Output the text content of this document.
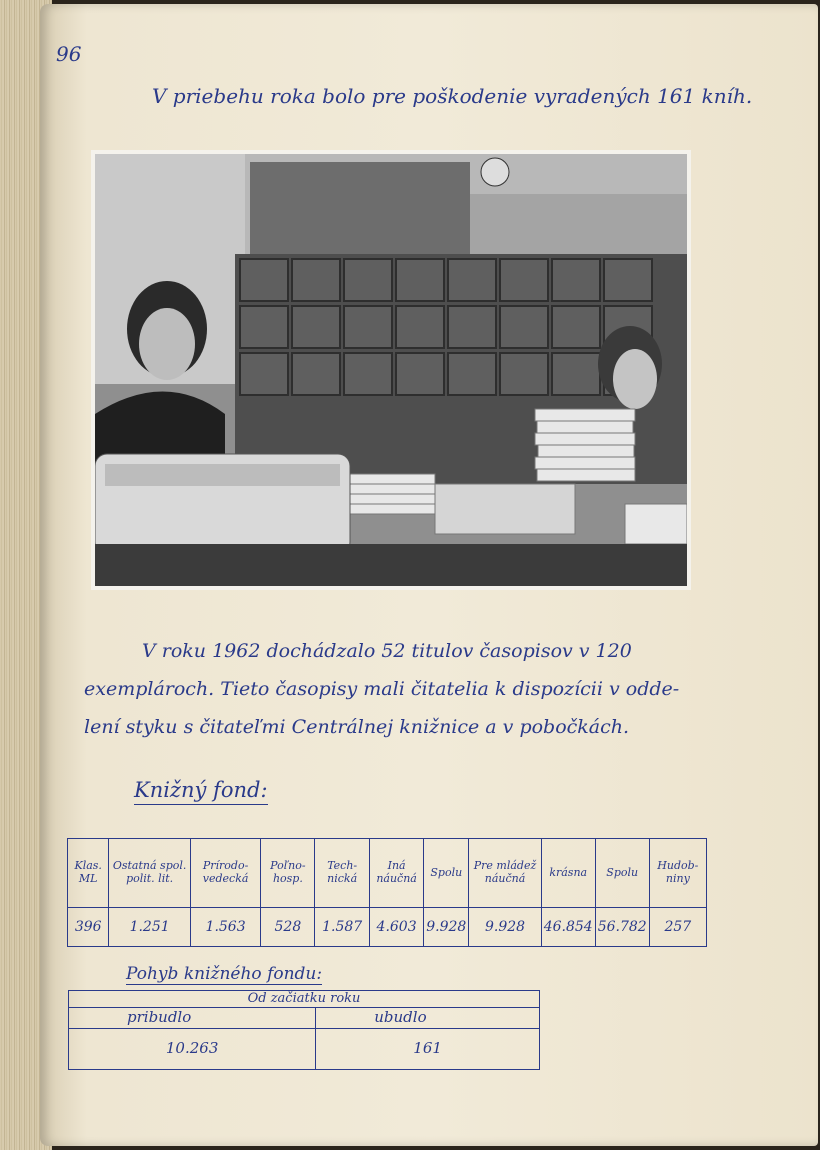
96
V priebehu roka bolo pre poškodenie vyradených 161 kníh.
V roku 1962 dochádzalo 52 titulov časopisov v 120
exemplároch. Tieto časopisy mali čitatelia k dispozícii v odde-
lení styku s čitateľmi Centrálnej knižnice a v pobočkách.
Knižný fond:
Klas. ML	Ostatná spol. polit. lit.	Prírodo- vedecká	Poľno- hosp.	Tech- nická	Iná náučná	Spolu	Pre mládež náučná	krásna	Spolu	Hudob- niny
396	1.251	1.563	528	1.587	4.603	9.928	9.928	46.854	56.782	257
Pohyb knižného fondu:
Od začiatku roku	
pribudlo	ubudlo
10.263	161
